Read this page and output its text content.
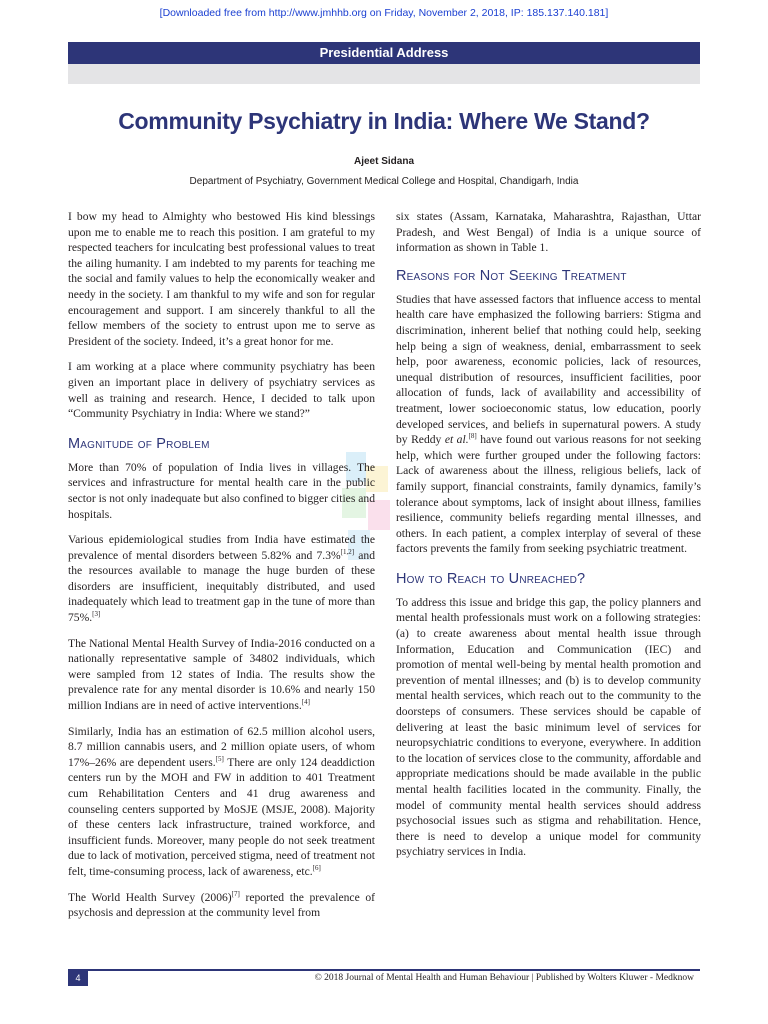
[Downloaded free from http://www.jmhhb.org on Friday, November 2, 2018, IP: 185.137.140.181]
Presidential Address
Community Psychiatry in India: Where We Stand?
Ajeet Sidana
Department of Psychiatry, Government Medical College and Hospital, Chandigarh, India

I bow my head to Almighty who bestowed His kind blessings upon me to enable me to reach this position. I am grateful to my respected teachers for inculcating best professional values to treat the ailing humanity. I am indebted to my parents for teaching me the social and family values to help the economically weaker and needy in the society. I am thankful to my wife and son for regular encouragement and support. I am sincerely thankful to all the fellow members of the society to entrust upon me to serve as President of the society. Indeed, it’s a great honor for me.

I am working at a place where community psychiatry has been given an important place in delivery of psychiatry services as well as training and research. Hence, I decided to talk upon “Community Psychiatry in India: Where we stand?”

Magnitude of Problem

More than 70% of population of India lives in villages. The services and infrastructure for mental health care in the public sector is not only inadequate but also confined to bigger cities and hospitals.

Various epidemiological studies from India have estimated the prevalence of mental disorders between 5.82% and 7.3%[1,2] and the resources available to manage the huge burden of these disorders are insufficient, inequitably distributed, and used inadequately which lead to treatment gap in the tune of more than 75%.[3]

The National Mental Health Survey of India-2016 conducted on a nationally representative sample of 34802 individuals, which were sampled from 12 states of India. The results show the prevalence rate for any mental disorder is 10.6% and nearly 150 million Indians are in need of active interventions.[4]

Similarly, India has an estimation of 62.5 million alcohol users, 8.7 million cannabis users, and 2 million opiate users, of whom 17%–26% are dependent users.[5] There are only 124 deaddiction centers run by the MOH and FW in addition to 401 Treatment cum Rehabilitation Centers and 41 drug awareness and counseling centers supported by MoSJE (MSJE, 2008). Majority of these centers lack infrastructure, trained workforce, and insufficient funds. Moreover, many people do not seek treatment due to lack of motivation, perceived stigma, need of treatment not felt, time-consuming process, lack of awareness, etc.[6]

The World Health Survey (2006)[7] reported the prevalence of psychosis and depression at the community level from

six states (Assam, Karnataka, Maharashtra, Rajasthan, Uttar Pradesh, and West Bengal) of India is a unique source of information as shown in Table 1.

Reasons for Not Seeking Treatment

Studies that have assessed factors that influence access to mental health care have emphasized the following barriers: Stigma and discrimination, inherent belief that nothing could help, seeking help being a sign of weakness, denial, embarrassment to seek help, poor awareness, economic policies, lack of resources, unequal distribution of resources, insufficient facilities, poor allocation of funds, lack of availability and accessibility of treatment, lower socioeconomic status, low education, poorly developed services, and beliefs in supernatural powers. A study by Reddy et al.[8] have found out various reasons for not seeking help, which were further grouped under the following factors: Lack of awareness about the illness, religious beliefs, lack of family support, financial constraints, family dynamics, family’s tolerance about symptoms, lack of insight about illness, families resilience, community beliefs regarding mental illnesses, and others. In each patient, a complex interplay of several of these factors prevents the family from seeking psychiatric treatment.

How to Reach to Unreached?

To address this issue and bridge this gap, the policy planners and mental health professionals must work on a following strategies: (a) to create awareness about mental health issue through Information, Education and Communication (IEC) and promotion of mental well-being by mental health promotion and prevention of mental illnesses; and (b) is to develop community mental health services, which reach out to the community to the doorsteps of consumers. These services should be capable of delivering at least the basic minimum level of services for neuropsychiatric conditions to everyone, everywhere. In addition to the location of services close to the community, affordable and appropriate medications should be made available in the public mental health facilities located in the community. Finally, the model of community mental health services should address psychosocial issues such as stigma and rehabilitation. Hence, there is need to develop a unique model for community psychiatry services in India.

4	© 2018 Journal of Mental Health and Human Behaviour | Published by Wolters Kluwer - Medknow
